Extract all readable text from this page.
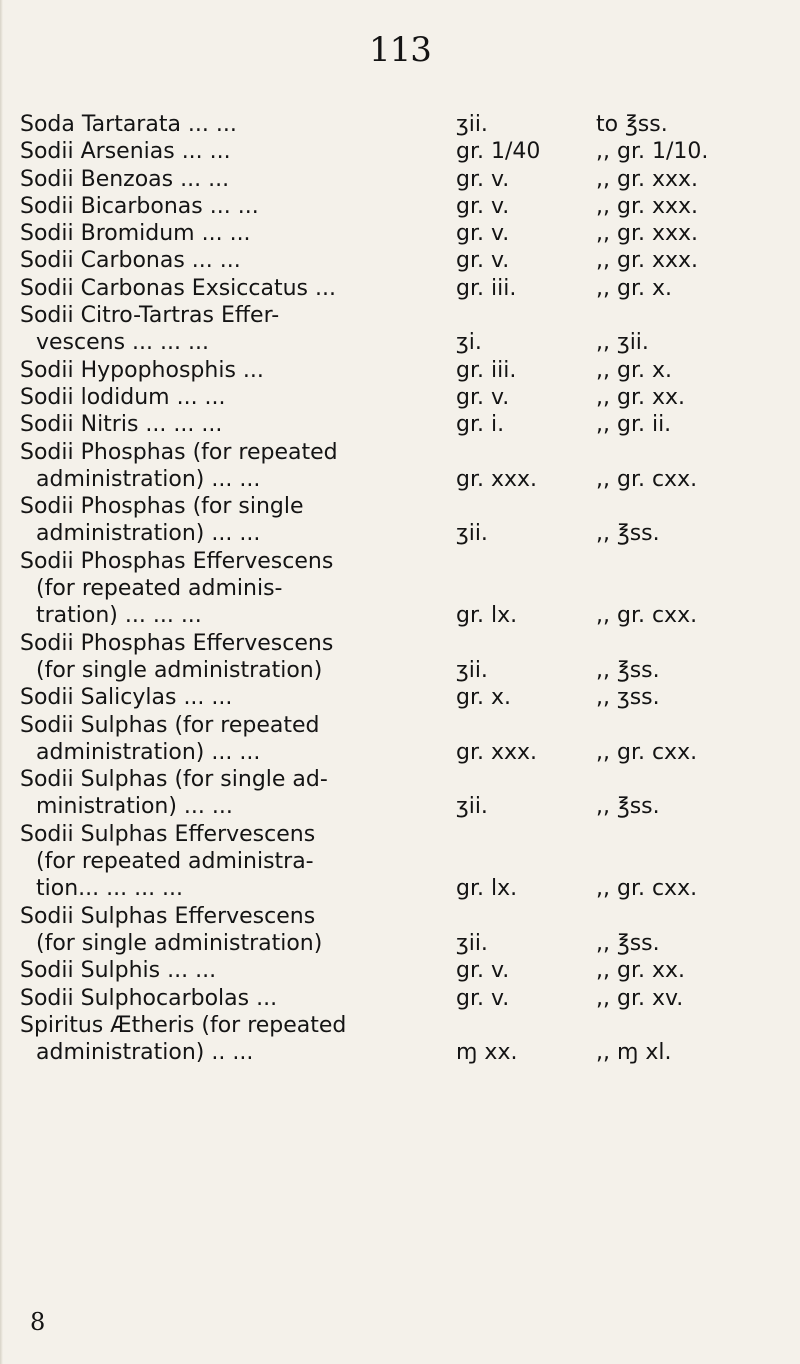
113
Soda Tartarata ... ...	ʒii.	to ℥ss.
Sodii Arsenias ... ...	gr. 1/40	,, gr. 1/10.
Sodii Benzoas ... ...	gr. v.	,, gr. xxx.
Sodii Bicarbonas ... ...	gr. v.	,, gr. xxx.
Sodii Bromidum ... ...	gr. v.	,, gr. xxx.
Sodii Carbonas ... ...	gr. v.	,, gr. xxx.
Sodii Carbonas Exsiccatus ...	gr. iii.	,, gr. x.
Sodii Citro-Tartras Effer-
vescens ... ... ...	ʒi.	,, ʒii.
Sodii Hypophosphis ...	gr. iii.	,, gr. x.
Sodii lodidum ... ...	gr. v.	,, gr. xx.
Sodii Nitris ... ... ...	gr. i.	,, gr. ii.
Sodii Phosphas (for repeated
administration) ... ...	gr. xxx.	,, gr. cxx.
Sodii Phosphas (for single
administration) ... ...	ʒii.	,, ℥ss.
Sodii Phosphas Effervescens
(for repeated adminis-
tration) ... ... ...	gr. lx.	,, gr. cxx.
Sodii Phosphas Effervescens
(for single administration)	ʒii.	,, ℥ss.
Sodii Salicylas ... ...	gr. x.	,, ʒss.
Sodii Sulphas (for repeated
administration) ... ...	gr. xxx.	,, gr. cxx.
Sodii Sulphas (for single ad-
ministration) ... ...	ʒii.	,, ℥ss.
Sodii Sulphas Effervescens
(for repeated administra-
tion... ... ... ...	gr. lx.	,, gr. cxx.
Sodii Sulphas Effervescens
(for single administration)	ʒii.	,, ℥ss.
Sodii Sulphis ... ...	gr. v.	,, gr. xx.
Sodii Sulphocarbolas ...	gr. v.	,, gr. xv.
Spiritus Ætheris (for repeated
administration) .. ...	ɱ xx.	,, ɱ xl.
8
